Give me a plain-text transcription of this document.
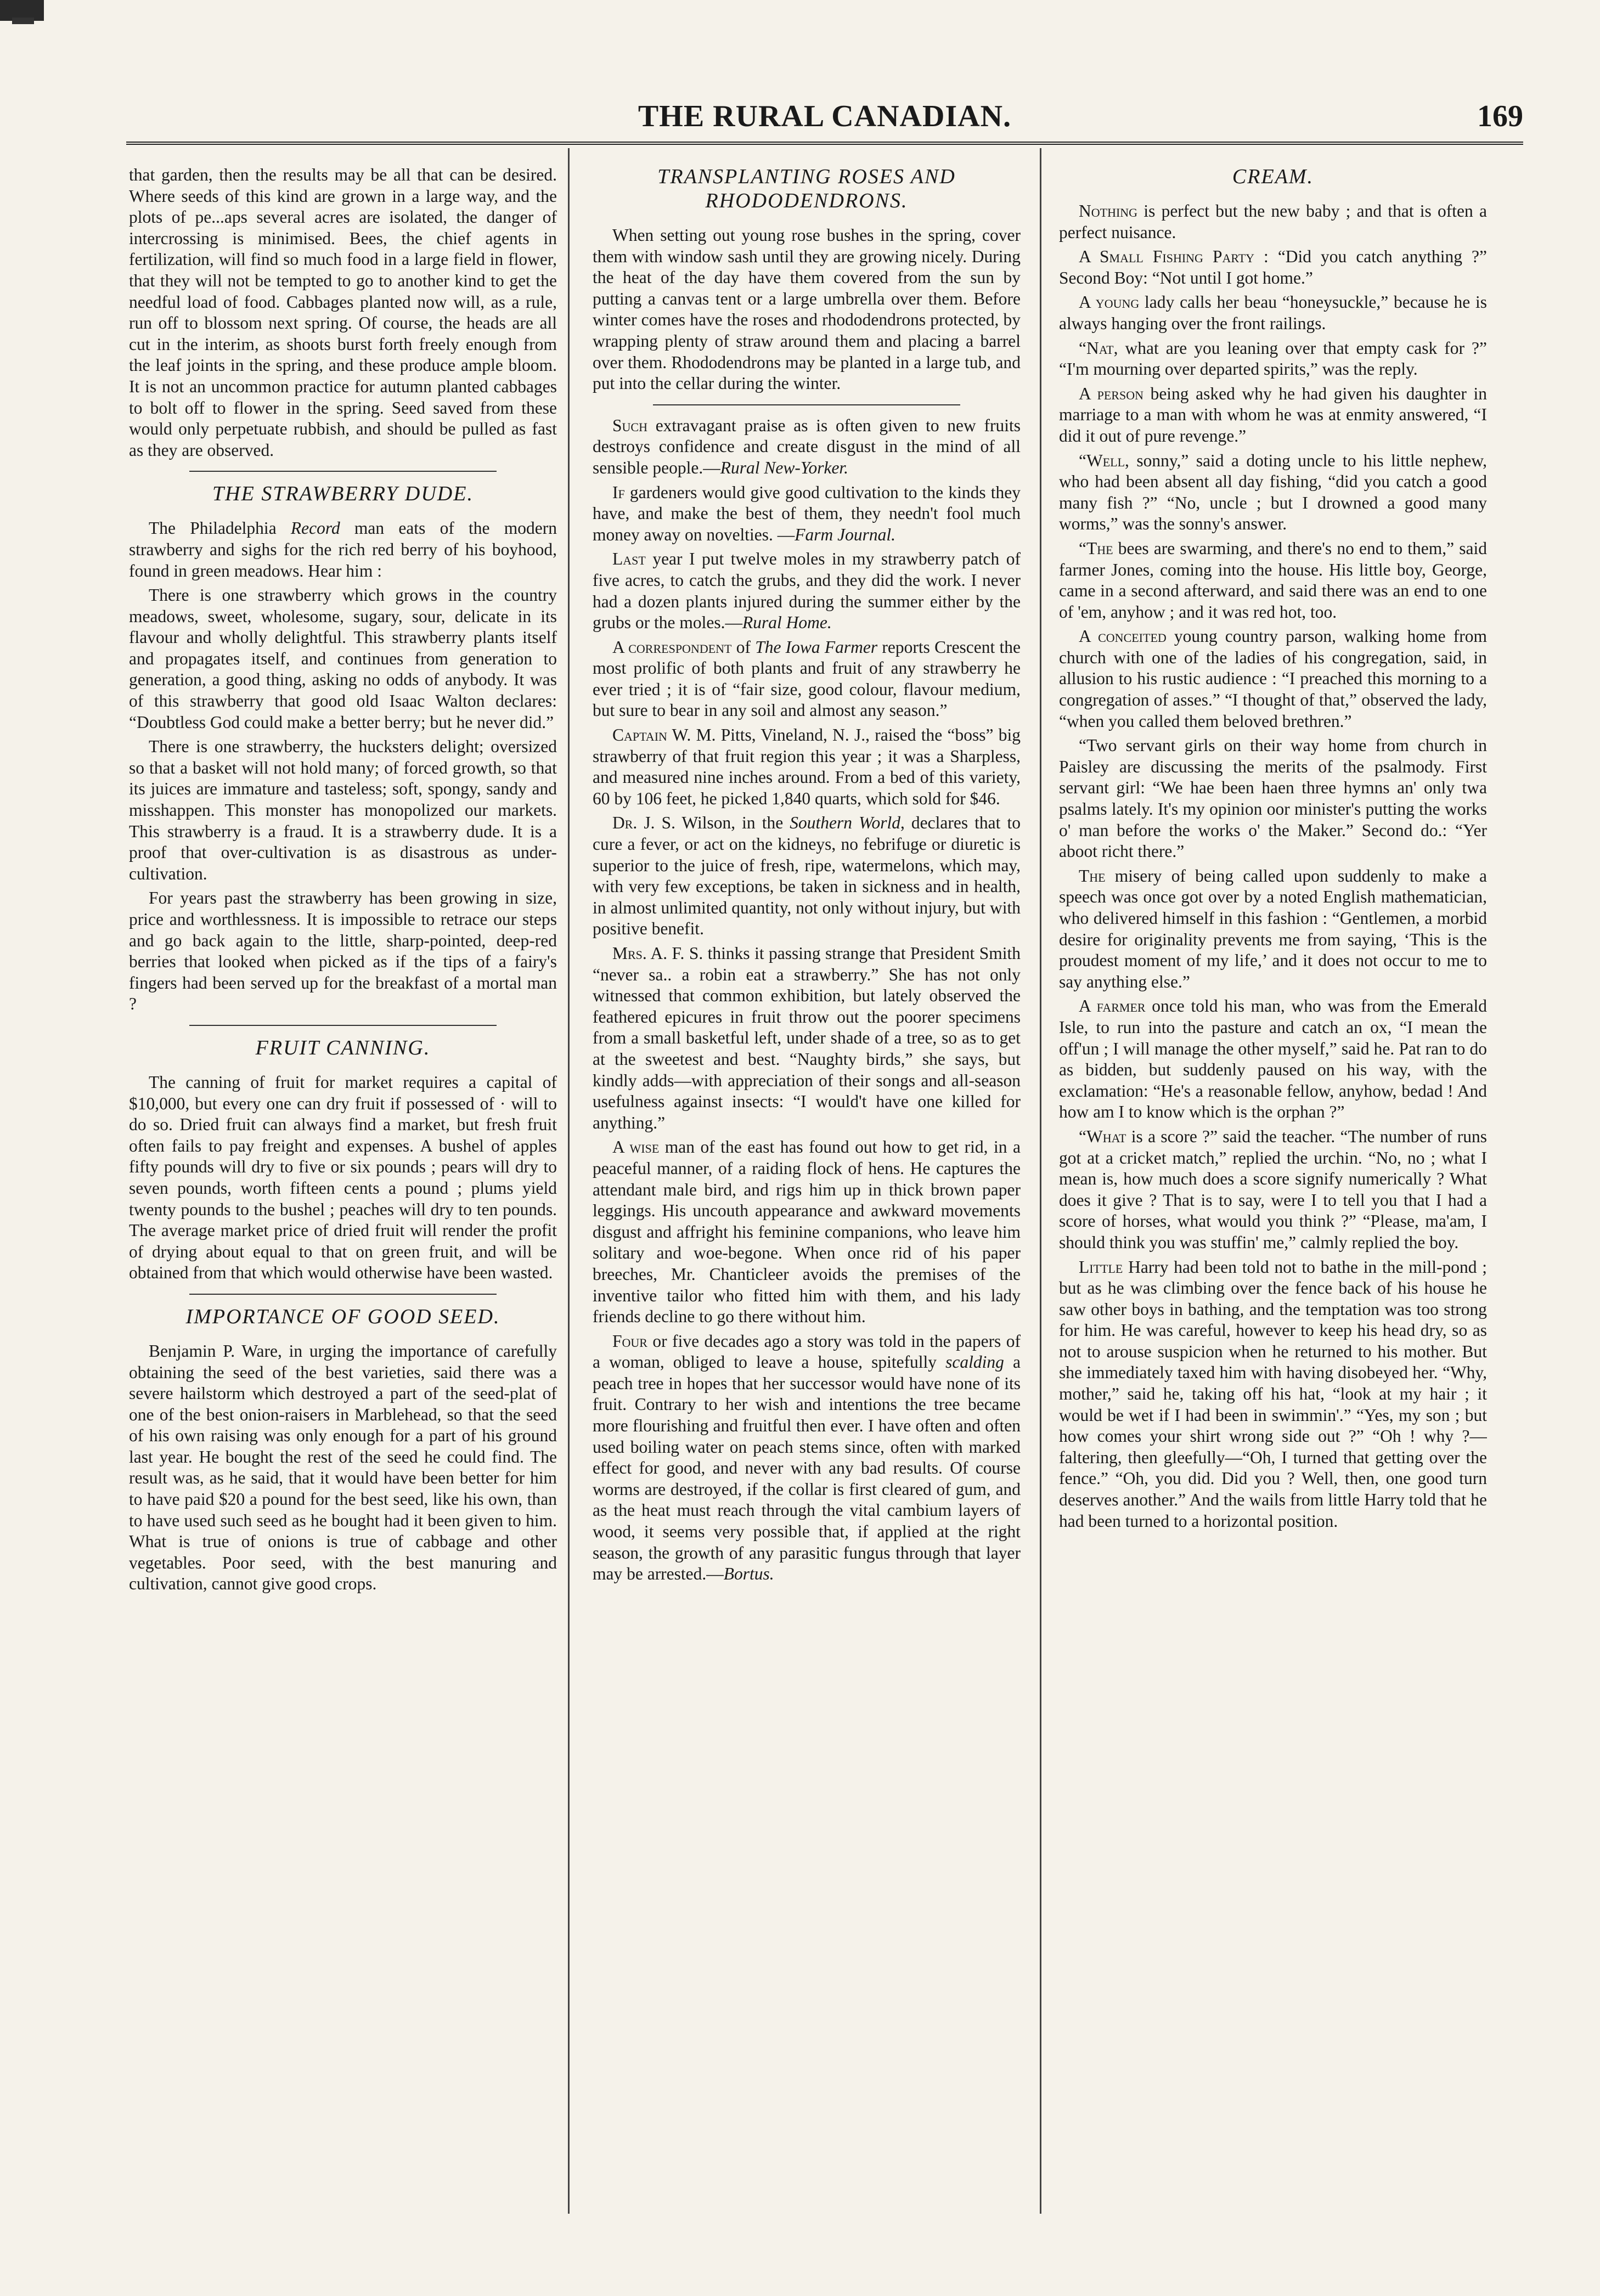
THE RURAL CANADIAN.	169

that garden, then the results may be all that can be desired. Where seeds of this kind are grown in a large way, and the plots of pe...aps several acres are isolated, the danger of intercrossing is minimised. Bees, the chief agents in fertilization, will find so much food in a large field in flower, that they will not be tempted to go to another kind to get the needful load of food. Cabbages planted now will, as a rule, run off to blossom next spring. Of course, the heads are all cut in the interim, as shoots burst forth freely enough from the leaf joints in the spring, and these produce ample bloom. It is not an uncommon practice for autumn planted cabbages to bolt off to flower in the spring. Seed saved from these would only perpetuate rubbish, and should be pulled as fast as they are observed.

THE STRAWBERRY DUDE.

The Philadelphia Record man eats of the modern strawberry and sighs for the rich red berry of his boyhood, found in green meadows. Hear him :

There is one strawberry which grows in the country meadows, sweet, wholesome, sugary, sour, delicate in its flavour and wholly delightful. This strawberry plants itself and propagates itself, and continues from generation to generation, a good thing, asking no odds of anybody. It was of this strawberry that good old Isaac Walton declares: “Doubtless God could make a better berry; but he never did.”

There is one strawberry, the hucksters delight; oversized so that a basket will not hold many; of forced growth, so that its juices are immature and tasteless; soft, spongy, sandy and misshappen. This monster has monopolized our markets. This strawberry is a fraud. It is a strawberry dude. It is a proof that over-cultivation is as disastrous as under-cultivation.

For years past the strawberry has been growing in size, price and worthlessness. It is impossible to retrace our steps and go back again to the little, sharp-pointed, deep-red berries that looked when picked as if the tips of a fairy's fingers had been served up for the breakfast of a mortal man ?

FRUIT CANNING.

The canning of fruit for market requires a capital of $10,000, but every one can dry fruit if possessed of · will to do so. Dried fruit can always find a market, but fresh fruit often fails to pay freight and expenses. A bushel of apples fifty pounds will dry to five or six pounds ; pears will dry to seven pounds, worth fifteen cents a pound ; plums yield twenty pounds to the bushel ; peaches will dry to ten pounds. The average market price of dried fruit will render the profit of drying about equal to that on green fruit, and will be obtained from that which would otherwise have been wasted.

IMPORTANCE OF GOOD SEED.

Benjamin P. Ware, in urging the importance of carefully obtaining the seed of the best varieties, said there was a severe hailstorm which destroyed a part of the seed-plat of one of the best onion-raisers in Marblehead, so that the seed of his own raising was only enough for a part of his ground last year. He bought the rest of the seed he could find. The result was, as he said, that it would have been better for him to have paid $20 a pound for the best seed, like his own, than to have used such seed as he bought had it been given to him. What is true of onions is true of cabbage and other vegetables. Poor seed, with the best manuring and cultivation, cannot give good crops.

TRANSPLANTING ROSES AND RHODODENDRONS.

When setting out young rose bushes in the spring, cover them with window sash until they are growing nicely. During the heat of the day have them covered from the sun by putting a canvas tent or a large umbrella over them. Before winter comes have the roses and rhododendrons protected, by wrapping plenty of straw around them and placing a barrel over them. Rhododendrons may be planted in a large tub, and put into the cellar during the winter.

Such extravagant praise as is often given to new fruits destroys confidence and create disgust in the mind of all sensible people.—Rural New-Yorker.

If gardeners would give good cultivation to the kinds they have, and make the best of them, they needn't fool much money away on novelties. —Farm Journal.

Last year I put twelve moles in my strawberry patch of five acres, to catch the grubs, and they did the work. I never had a dozen plants injured during the summer either by the grubs or the moles.—Rural Home.

A correspondent of The Iowa Farmer reports Crescent the most prolific of both plants and fruit of any strawberry he ever tried ; it is of “fair size, good colour, flavour medium, but sure to bear in any soil and almost any season.”

Captain W. M. Pitts, Vineland, N. J., raised the “boss” big strawberry of that fruit region this year ; it was a Sharpless, and measured nine inches around. From a bed of this variety, 60 by 106 feet, he picked 1,840 quarts, which sold for $46.

Dr. J. S. Wilson, in the Southern World, declares that to cure a fever, or act on the kidneys, no febrifuge or diuretic is superior to the juice of fresh, ripe, watermelons, which may, with very few exceptions, be taken in sickness and in health, in almost unlimited quantity, not only without injury, but with positive benefit.

Mrs. A. F. S. thinks it passing strange that President Smith “never sa.. a robin eat a strawberry.” She has not only witnessed that common exhibition, but lately observed the feathered epicures in fruit throw out the poorer specimens from a small basketful left, under shade of a tree, so as to get at the sweetest and best. “Naughty birds,” she says, but kindly adds—with appreciation of their songs and all-season usefulness against insects: “I would't have one killed for anything.”

A wise man of the east has found out how to get rid, in a peaceful manner, of a raiding flock of hens. He captures the attendant male bird, and rigs him up in thick brown paper leggings. His uncouth appearance and awkward movements disgust and affright his feminine companions, who leave him solitary and woe-begone. When once rid of his paper breeches, Mr. Chanticleer avoids the premises of the inventive tailor who fitted him with them, and his lady friends decline to go there without him.

Four or five decades ago a story was told in the papers of a woman, obliged to leave a house, spitefully scalding a peach tree in hopes that her successor would have none of its fruit. Contrary to her wish and intentions the tree became more flourishing and fruitful then ever. I have often and often used boiling water on peach stems since, often with marked effect for good, and never with any bad results. Of course worms are destroyed, if the collar is first cleared of gum, and as the heat must reach through the vital cambium layers of wood, it seems very possible that, if applied at the right season, the growth of any parasitic fungus through that layer may be arrested.—Bortus.

CREAM.

Nothing is perfect but the new baby ; and that is often a perfect nuisance.

A Small Fishing Party : “Did you catch anything ?” Second Boy: “Not until I got home.”

A young lady calls her beau “honeysuckle,” because he is always hanging over the front railings.

“Nat, what are you leaning over that empty cask for ?” “I'm mourning over departed spirits,” was the reply.

A person being asked why he had given his daughter in marriage to a man with whom he was at enmity answered, “I did it out of pure revenge.”

“Well, sonny,” said a doting uncle to his little nephew, who had been absent all day fishing, “did you catch a good many fish ?” “No, uncle ; but I drowned a good many worms,” was the sonny's answer.

“The bees are swarming, and there's no end to them,” said farmer Jones, coming into the house. His little boy, George, came in a second afterward, and said there was an end to one of 'em, anyhow ; and it was red hot, too.

A conceited young country parson, walking home from church with one of the ladies of his congregation, said, in allusion to his rustic audience : “I preached this morning to a congregation of asses.” “I thought of that,” observed the lady, “when you called them beloved brethren.”

“Two servant girls on their way home from church in Paisley are discussing the merits of the psalmody. First servant girl: “We hae been haen three hymns an' only twa psalms lately. It's my opinion oor minister's putting the works o' man before the works o' the Maker.” Second do.: “Yer aboot richt there.”

The misery of being called upon suddenly to make a speech was once got over by a noted English mathematician, who delivered himself in this fashion : “Gentlemen, a morbid desire for originality prevents me from saying, ‘This is the proudest moment of my life,’ and it does not occur to me to say anything else.”

A farmer once told his man, who was from the Emerald Isle, to run into the pasture and catch an ox, “I mean the off'un ; I will manage the other myself,” said he. Pat ran to do as bidden, but suddenly paused on his way, with the exclamation: “He's a reasonable fellow, anyhow, bedad ! And how am I to know which is the orphan ?”

“What is a score ?” said the teacher. “The number of runs got at a cricket match,” replied the urchin. “No, no ; what I mean is, how much does a score signify numerically ? What does it give ? That is to say, were I to tell you that I had a score of horses, what would you think ?” “Please, ma'am, I should think you was stuffin' me,” calmly replied the boy.

Little Harry had been told not to bathe in the mill-pond ; but as he was climbing over the fence back of his house he saw other boys in bathing, and the temptation was too strong for him. He was careful, however to keep his head dry, so as not to arouse suspicion when he returned to his mother. But she immediately taxed him with having disobeyed her. “Why, mother,” said he, taking off his hat, “look at my hair ; it would be wet if I had been in swimmin'.” “Yes, my son ; but how comes your shirt wrong side out ?” “Oh ! why ?—faltering, then gleefully—“Oh, I turned that getting over the fence.” “Oh, you did. Did you ? Well, then, one good turn deserves another.” And the wails from little Harry told that he had been turned to a horizontal position.
